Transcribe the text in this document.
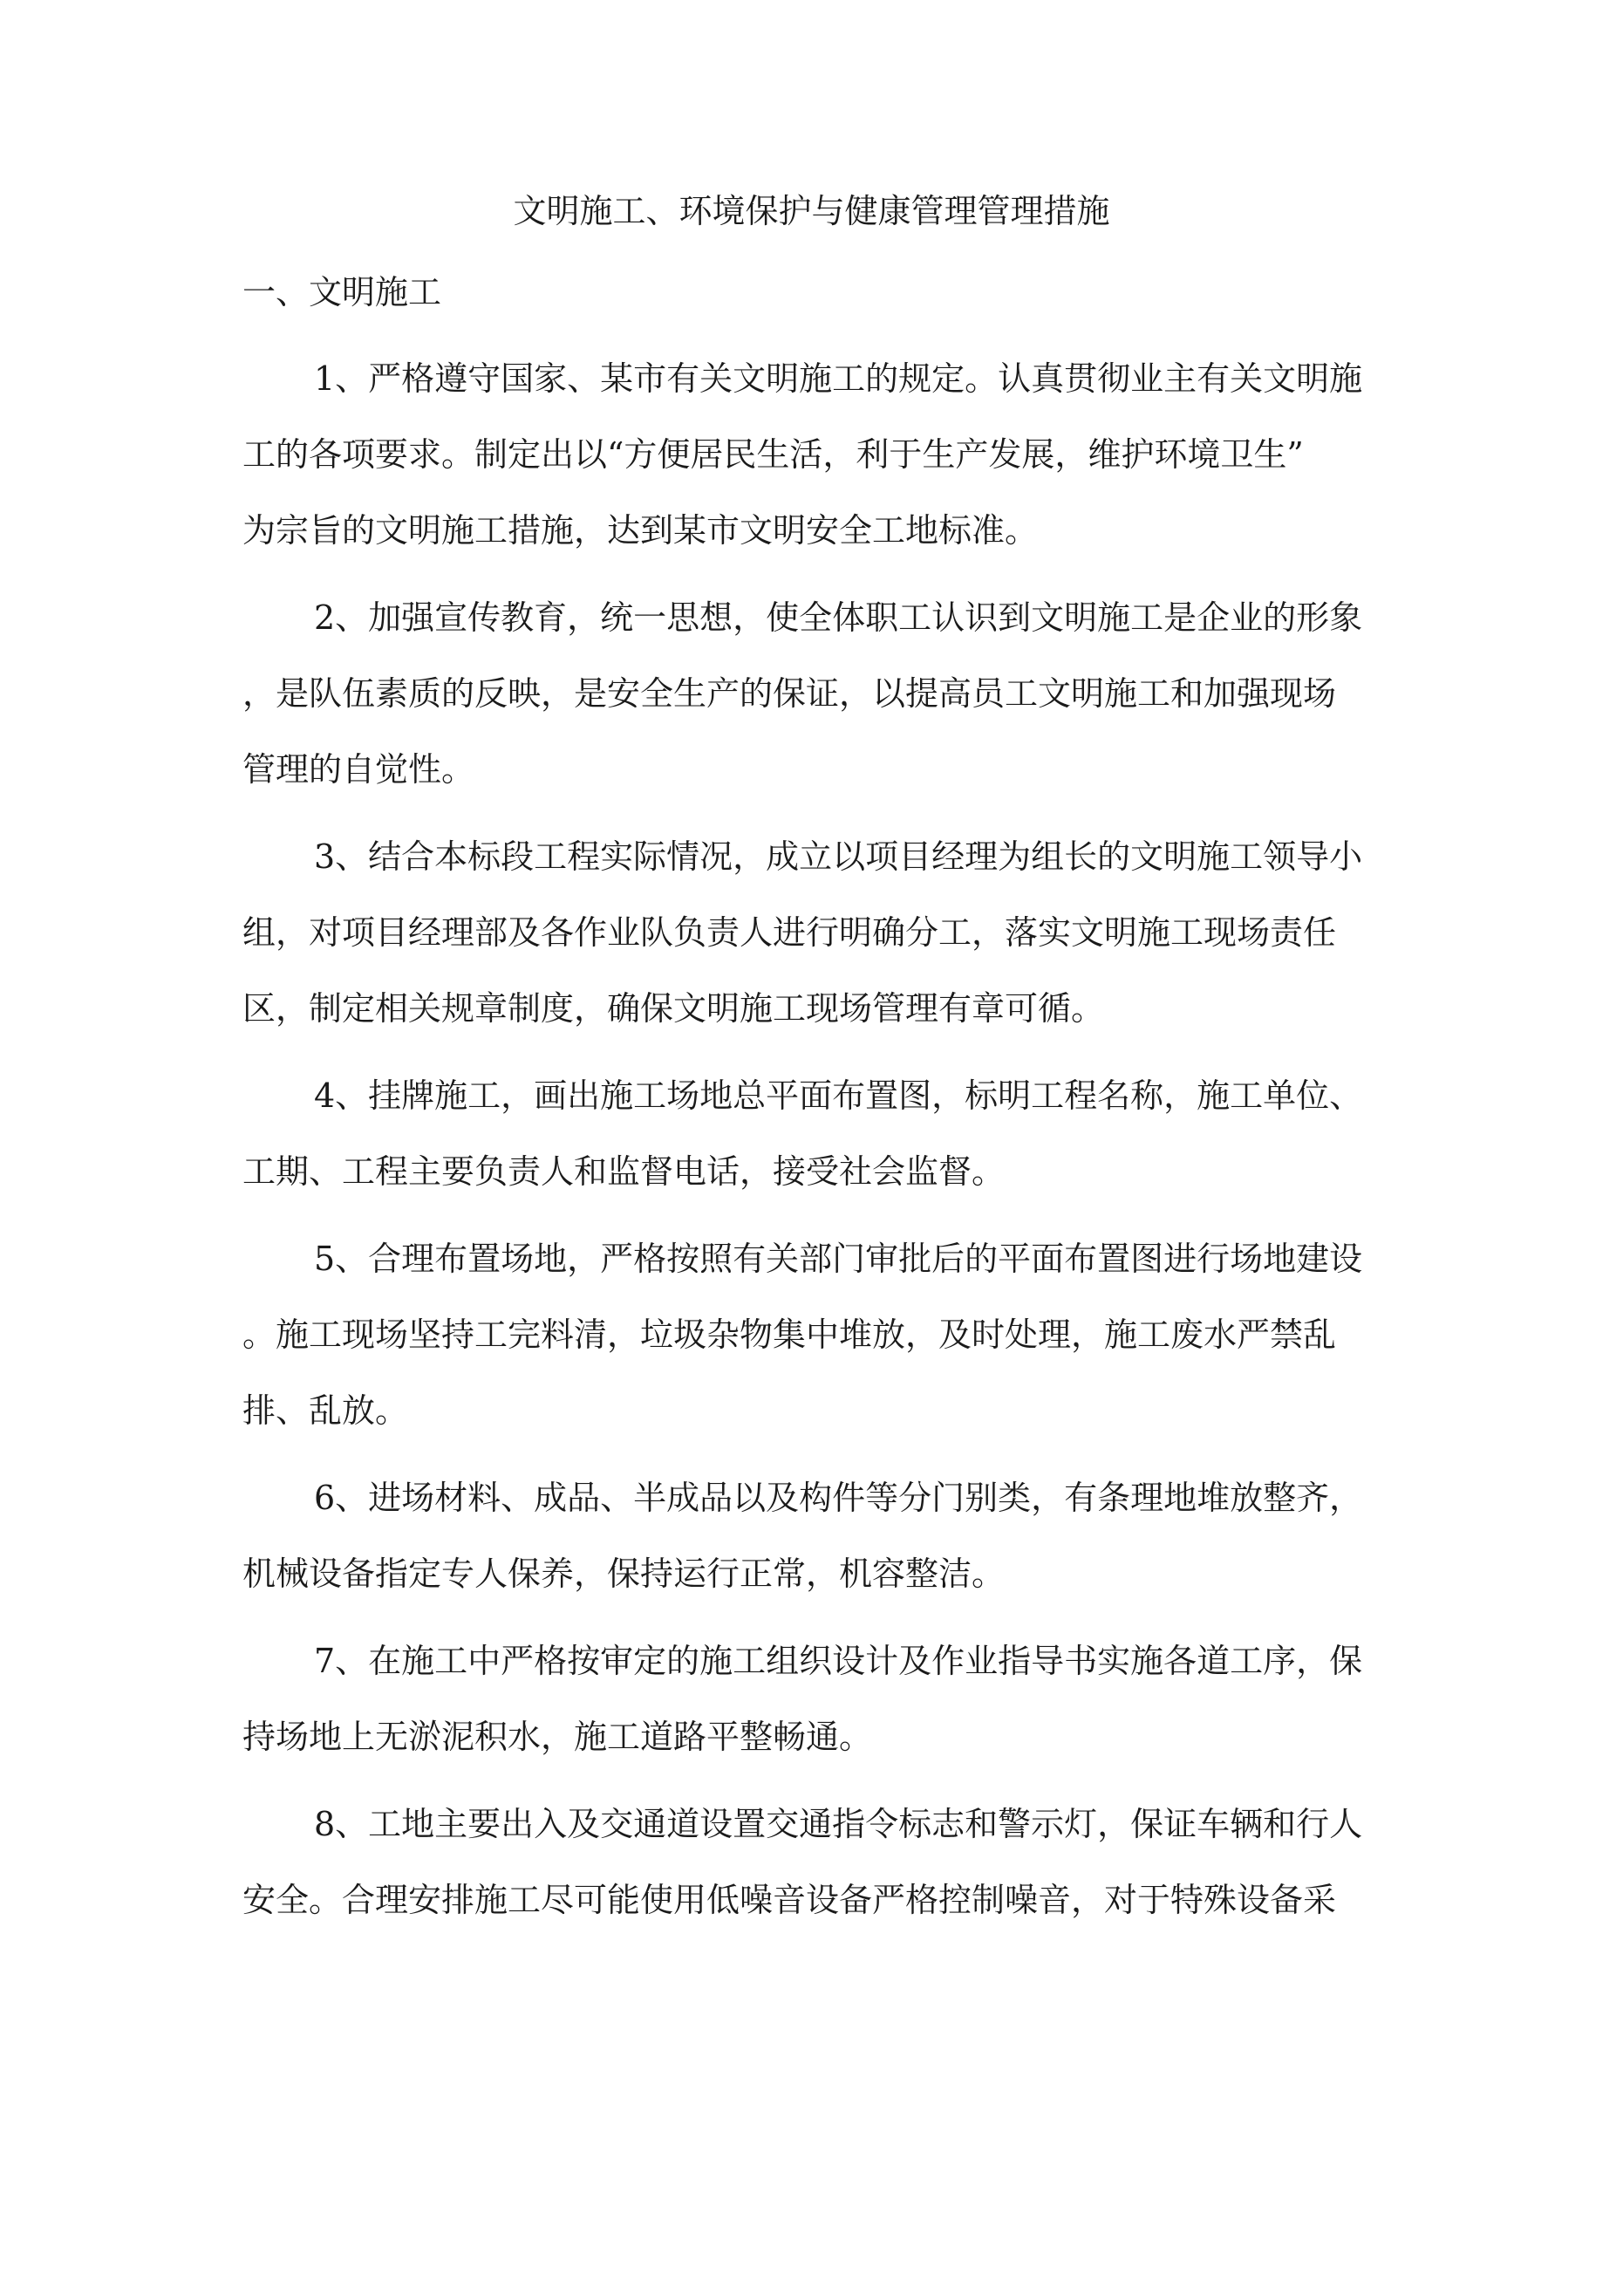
文明施工、环境保护与健康管理管理措施
一、文明施工
1、严格遵守国家、某市有关文明施工的规定。认真贯彻业主有关文明施
工的各项要求。制定出以“方便居民生活，利于生产发展，维护环境卫生”
为宗旨的文明施工措施，达到某市文明安全工地标准。
2、加强宣传教育，统一思想，使全体职工认识到文明施工是企业的形象
，是队伍素质的反映，是安全生产的保证，以提高员工文明施工和加强现场
管理的自觉性。
3、结合本标段工程实际情况，成立以项目经理为组长的文明施工领导小
组，对项目经理部及各作业队负责人进行明确分工，落实文明施工现场责任
区，制定相关规章制度，确保文明施工现场管理有章可循。
4、挂牌施工，画出施工场地总平面布置图，标明工程名称，施工单位、
工期、工程主要负责人和监督电话，接受社会监督。
5、合理布置场地，严格按照有关部门审批后的平面布置图进行场地建设
。施工现场坚持工完料清，垃圾杂物集中堆放，及时处理，施工废水严禁乱
排、乱放。
6、进场材料、成品、半成品以及构件等分门别类，有条理地堆放整齐，
机械设备指定专人保养，保持运行正常，机容整洁。
7、在施工中严格按审定的施工组织设计及作业指导书实施各道工序，保
持场地上无淤泥积水，施工道路平整畅通。
8、工地主要出入及交通道设置交通指令标志和警示灯，保证车辆和行人
安全。合理安排施工尽可能使用低噪音设备严格控制噪音，对于特殊设备采
